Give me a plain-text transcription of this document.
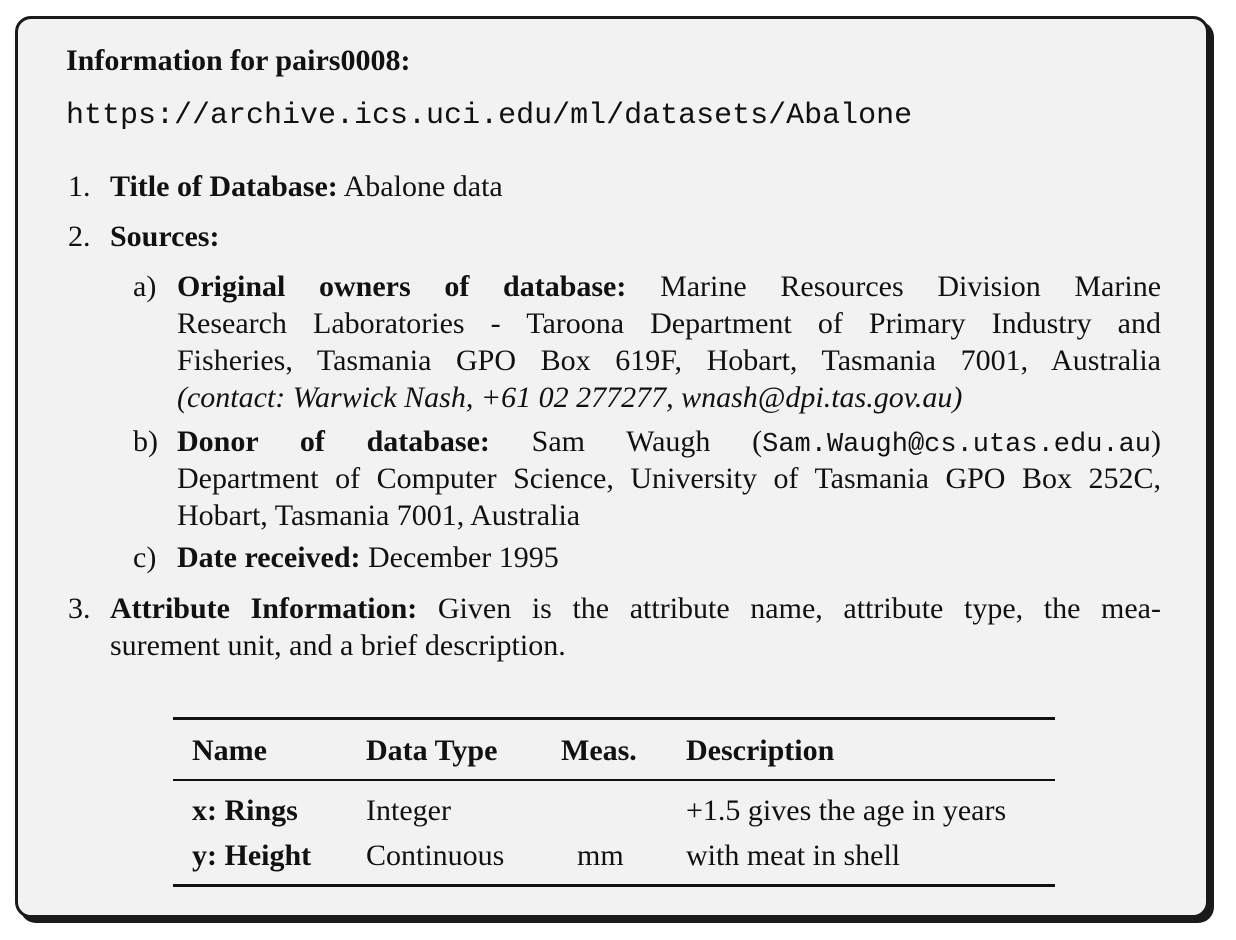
Information for pairs0008:
https://archive.ics.uci.edu/ml/datasets/Abalone
1. Title of Database: Abalone data
2. Sources:
a) Original owners of database: Marine Resources Division Marine
Research Laboratories - Taroona Department of Primary Industry and
Fisheries, Tasmania GPO Box 619F, Hobart, Tasmania 7001, Australia
(contact: Warwick Nash, +61 02 277277, wnash@dpi.tas.gov.au)
b) Donor of database: Sam Waugh (Sam.Waugh@cs.utas.edu.au)
Department of Computer Science, University of Tasmania GPO Box 252C,
Hobart, Tasmania 7001, Australia
c) Date received: December 1995
3. Attribute Information: Given is the attribute name, attribute type, the mea-
surement unit, and a brief description.
Name	Data Type Meas. Description
x: Rings Integer	+1.5 gives the age in years
y: Height Continuous mm with meat in shell
